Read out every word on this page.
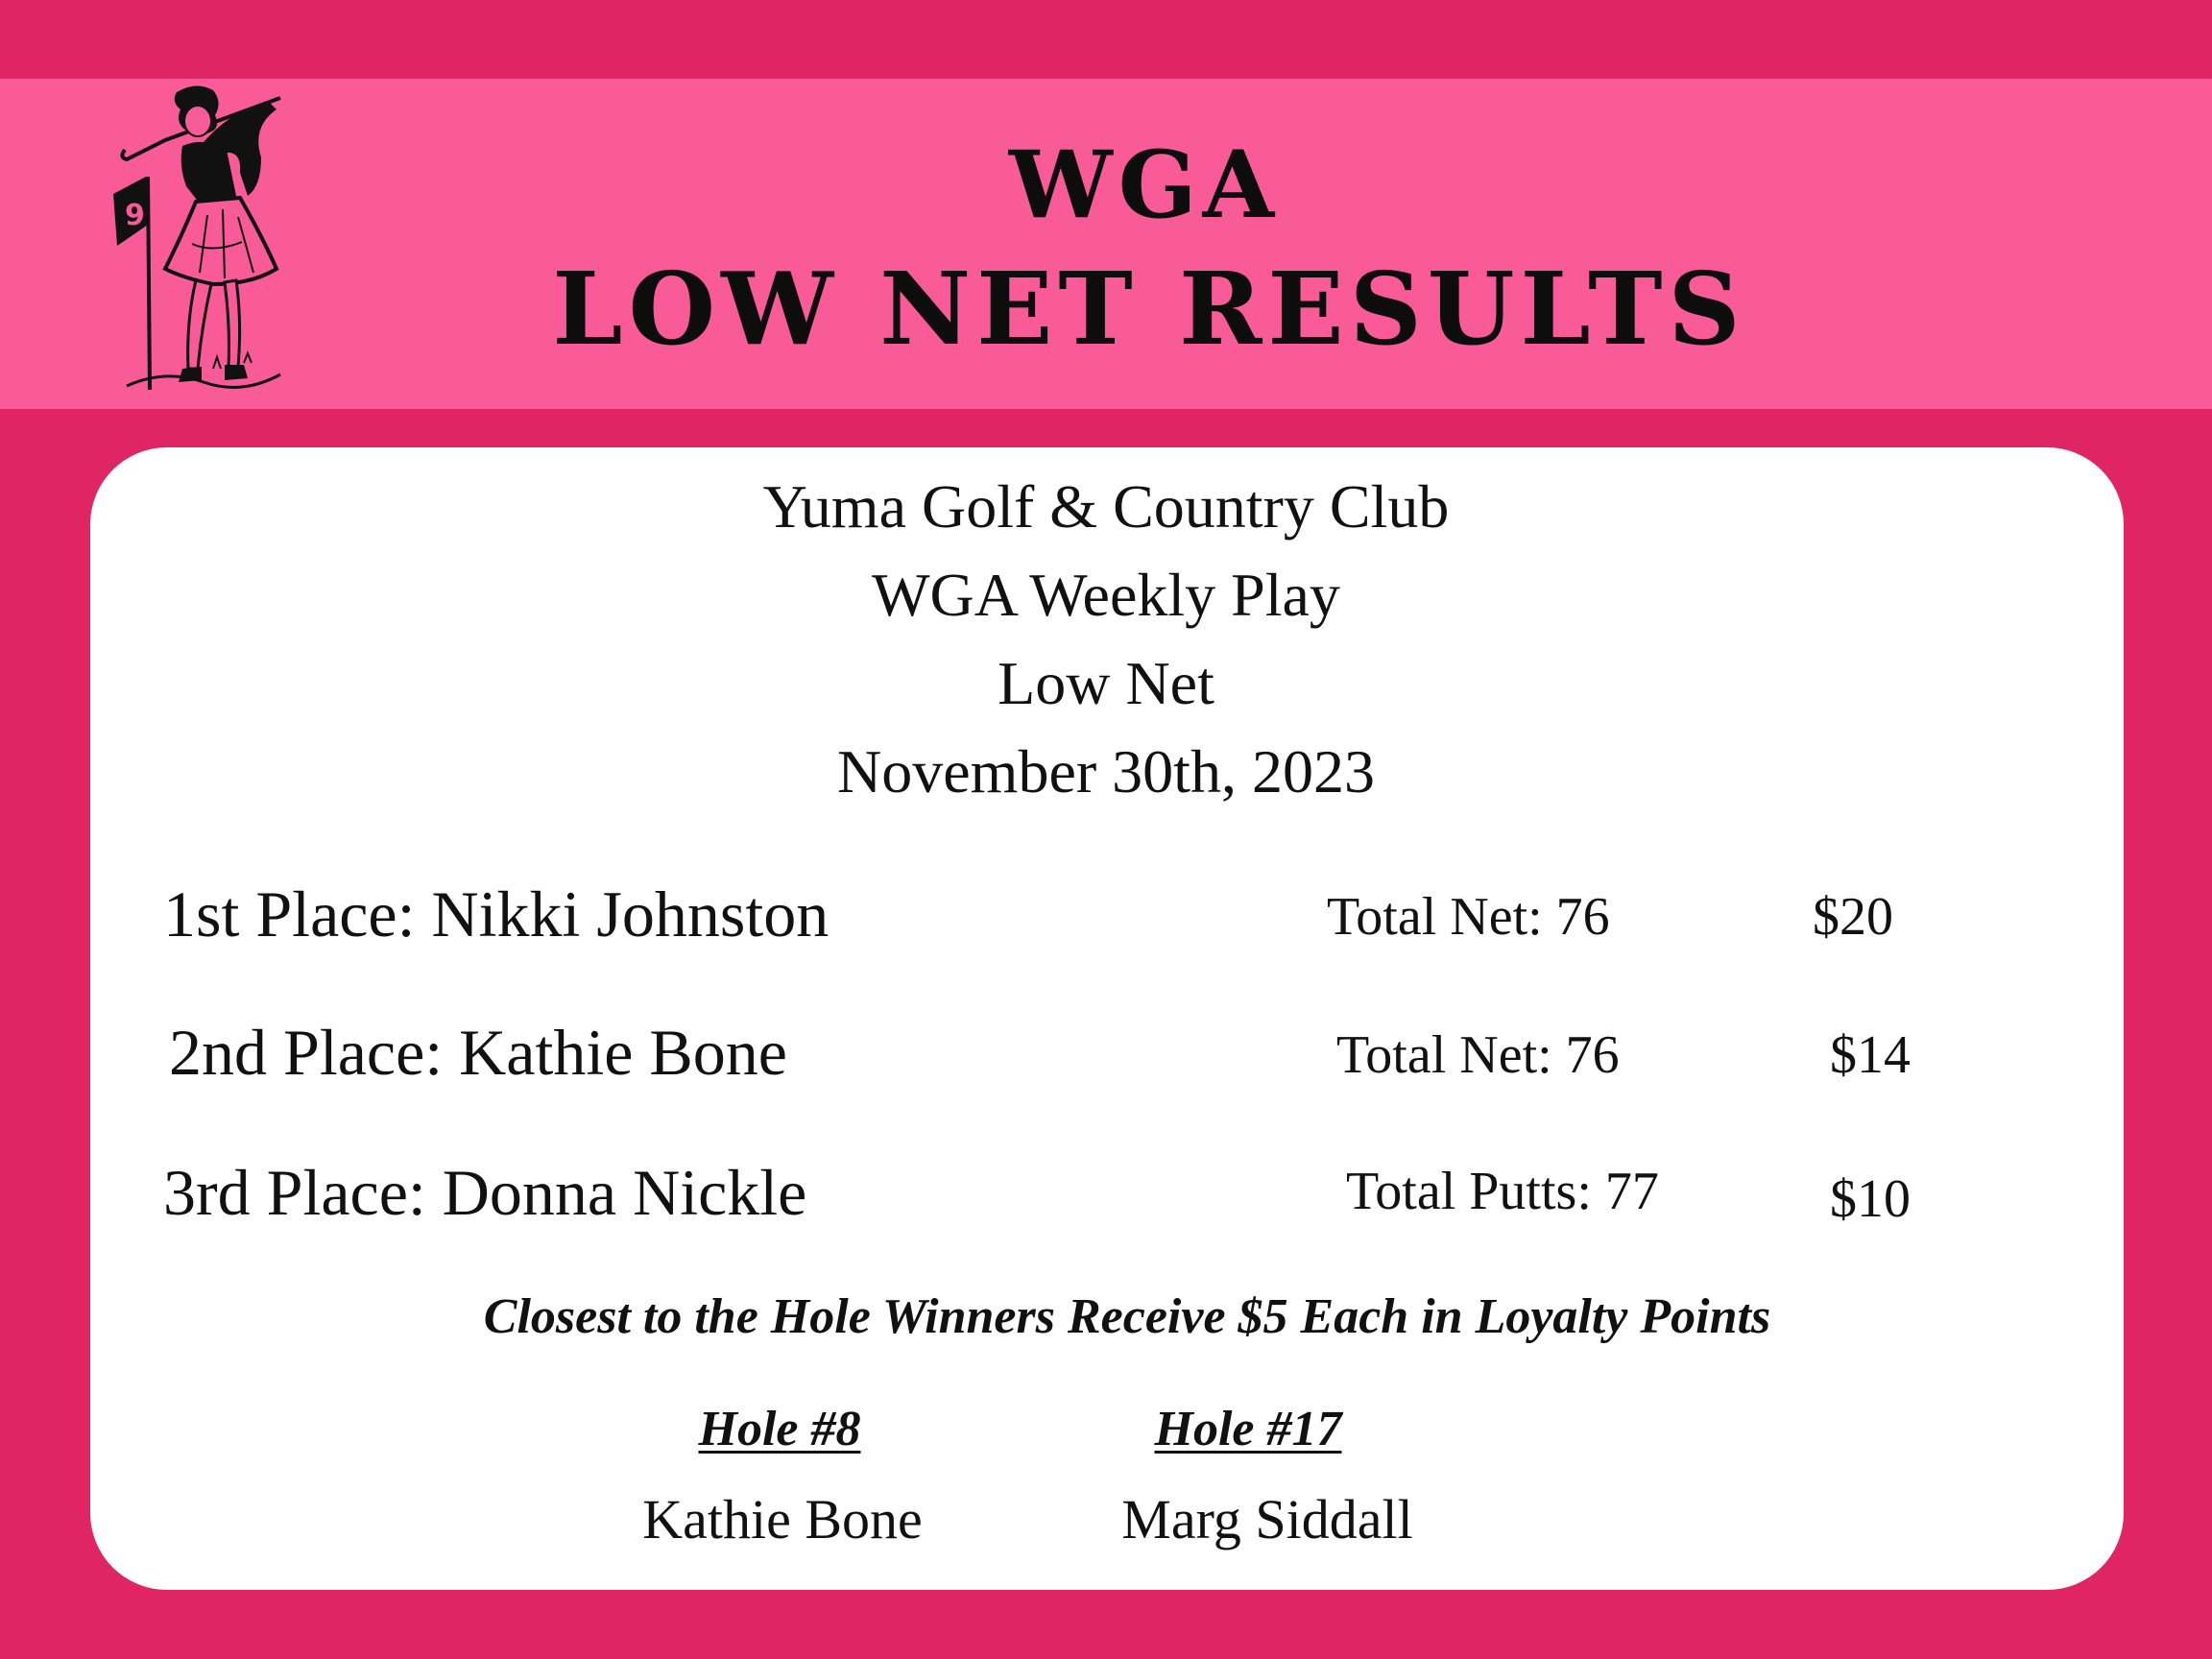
9	WGA
LOW NET RESULTS
Yuma Golf & Country Club
WGA Weekly Play
Low Net
November 30th, 2023
1st Place: Nikki Johnston	Total Net: 76	$20
2nd Place: Kathie Bone	Total Net: 76	$14
3rd Place: Donna Nickle	Total Putts: 77	$10
Closest to the Hole Winners Receive $5 Each in Loyalty Points
Hole #8	Hole #17
Kathie Bone	Marg Siddall
